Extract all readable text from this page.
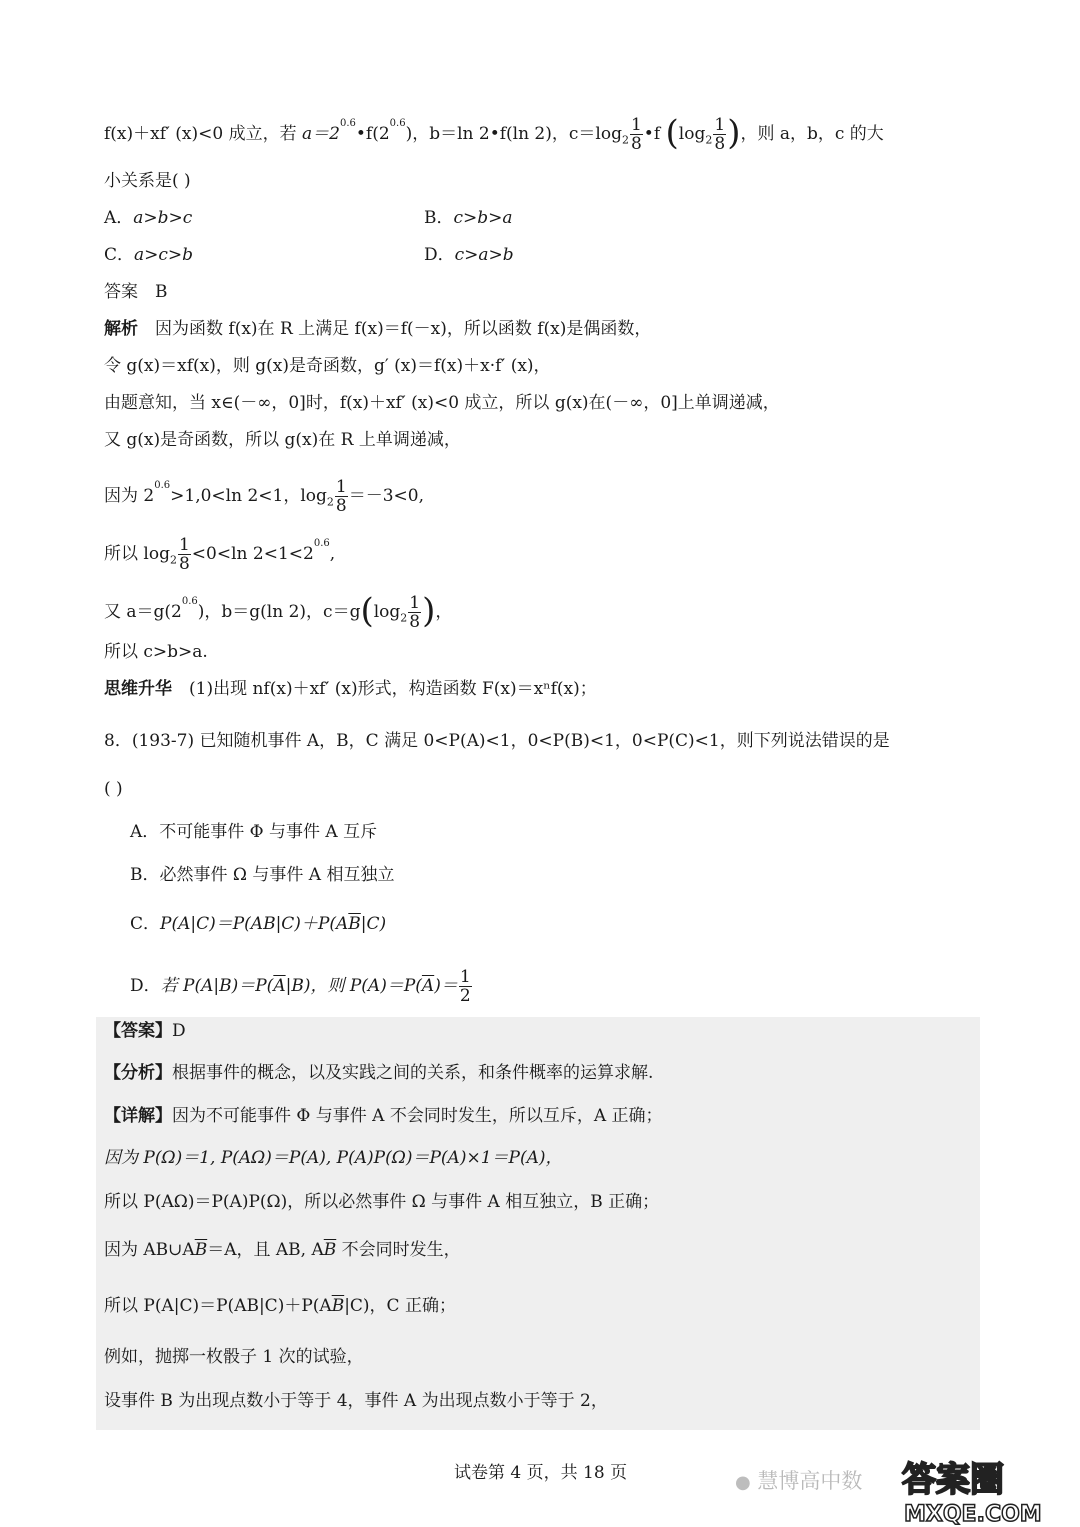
f(x)＋xf′ (x)<0 成立，若 $a=2^{0.6}•f(2^{0.6})$，b＝ln 2•f(ln 2)，$c=\log_2 \frac{1}{8}$ •f ($\log_2 \frac{1}{8}$ )，则 a，b，c 的大
小关系是( )
A．a>b>c	B．c>b>a
C．a>c>b	D．c>a>b
答案　B
解析　因为函数 f(x)在 R 上满足 f(x)＝f(－x)，所以函数 f(x)是偶函数，
令 g(x)＝xf(x)，则 g(x)是奇函数，g′ (x)＝f(x)＋x·f′ (x)，
由题意知，当 x∈(－∞，0]时，f(x)＋xf′ (x)<0 成立，所以 g(x)在(－∞，0]上单调递减，
又 g(x)是奇函数，所以 g(x)在 R 上单调递减，
因为 $2^{0.6}>1,0<\ln$ 2<1，$\log_2 \frac{1}{8} =-3<0$,
所以 $\log_2 \frac{1}{8} <0<\ln$ $2<1<2^{0.6}$,
又 $a=g(2^{0.6})$，b＝g(ln 2)，$c=g(\log_2 \frac{1}{8}$ )，
所以 c>b>a.
思维升华　(1)出现 nf(x)＋xf′ (x)形式，构造函数 F(x)＝xⁿf(x)；
8．(193-7) 已知随机事件 A，B，C 满足 0<P(A)<1，0<P(B)<1，0<P(C)<1，则下列说法错误的是
( )
A．不可能事件 Φ 与事件 A 互斥
B．必然事件 Ω 与事件 A 相互独立
C．$P(A|C)=P(AB|C)+P(A\overline{B}|C)$
D．若 $P(A|B)=P(\overline{A}|B)$，则 $P(A)=P(\overline{A})= \frac{1}{2}$
【答案】D
【分析】根据事件的概念，以及实践之间的关系，和条件概率的运算求解.
【详解】因为不可能事件 Φ 与事件 A 不会同时发生，所以互斥，A 正确；
因为 P(Ω)＝1, P(AΩ)＝P(A), P(A)P(Ω)＝P(A)×1＝P(A)，
所以 P(AΩ)＝P(A)P(Ω)，所以必然事件 Ω 与事件 A 相互独立，B 正确；
因为 $AB\cup A\overline{B}=A$，且 AB, $A\overline{B}$ 不会同时发生，
所以 $P(A|C)=P(AB|C)+P(A\overline{B}|C)$，C 正确；
例如，抛掷一枚骰子 1 次的试验，
设事件 B 为出现点数小于等于 4，事件 A 为出现点数小于等于 2，
试卷第 4 页，共 18 页	● 慧博高中数 答案圈
MXQE.COM
